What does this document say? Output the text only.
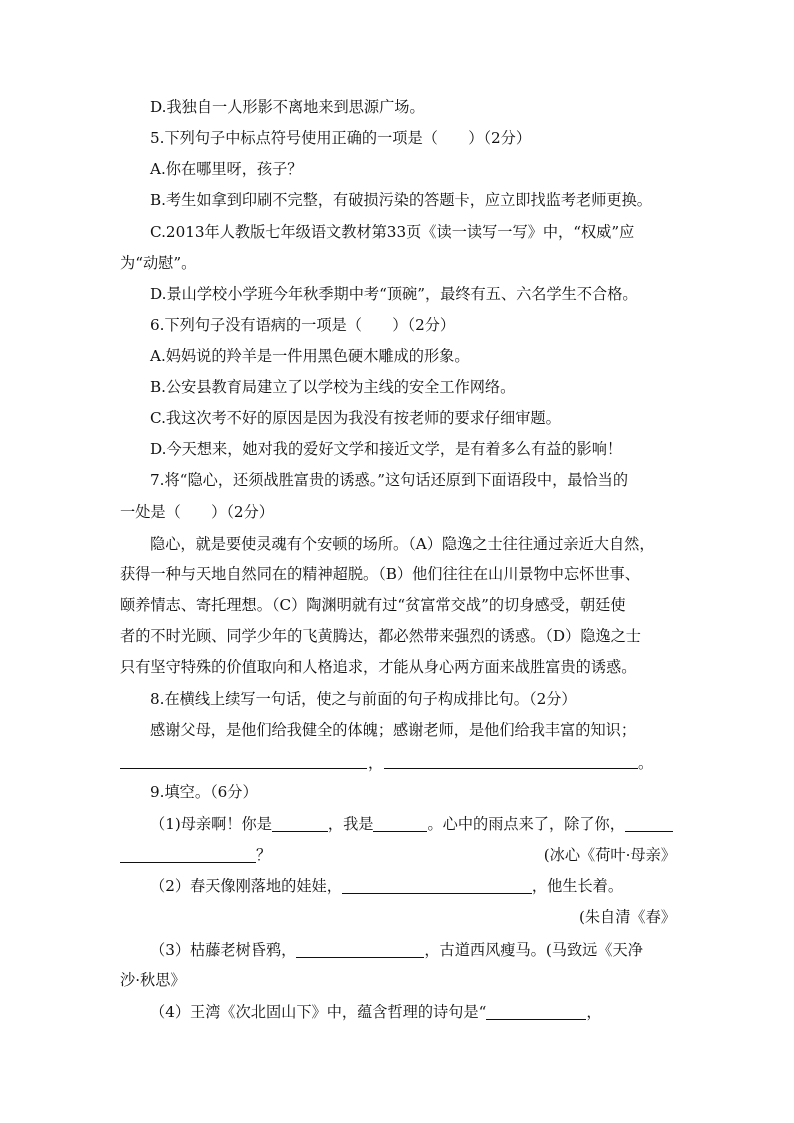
D.我独自一人形影不离地来到思源广场。
5.下列句子中标点符号使用正确的一项是（　　）（2分）
A.你在哪里呀，孩子？
B.考生如拿到印刷不完整，有破损污染的答题卡，应立即找监考老师更换。
C.2013年人教版七年级语文教材第33页《读一读写一写》中，“权威”应
为“动慰”。
D.景山学校小学班今年秋季期中考“顶碗”，最终有五、六名学生不合格。
6.下列句子没有语病的一项是（　　）（2分）
A.妈妈说的羚羊是一件用黑色硬木雕成的形象。
B.公安县教育局建立了以学校为主线的安全工作网络。
C.我这次考不好的原因是因为我没有按老师的要求仔细审题。
D.今天想来，她对我的爱好文学和接近文学，是有着多么有益的影响！
7.将“隐心，还须战胜富贵的诱惑。”这句话还原到下面语段中，最恰当的
一处是（　　）（2分）
隐心，就是要使灵魂有个安顿的场所。（A）隐逸之士往往通过亲近大自然，
获得一种与天地自然同在的精神超脱。（B）他们往往在山川景物中忘怀世事、
颐养情志、寄托理想。（C）陶渊明就有过“贫富常交战”的切身感受，朝廷使
者的不时光顾、同学少年的飞黄腾达，都必然带来强烈的诱惑。（D）隐逸之士
只有坚守特殊的价值取向和人格追求，才能从身心两方面来战胜富贵的诱惑。
8.在横线上续写一句话，使之与前面的句子构成排比句。（2分）
感谢父母，是他们给我健全的体魄；感谢老师，是他们给我丰富的知识；
，	。
9.填空。（6分）
（1)母亲啊！你是	，我是	。心中的雨点来了，除了你，
？	(冰心《荷叶·母亲》
（2）春天像刚落地的娃娃，	，他生长着。
(朱自清《春》
（3）枯藤老树昏鸦，	，古道西风瘦马。(马致远《天净
沙·秋思》
（4）王湾《次北固山下》中，蕴含哲理的诗句是“	，
